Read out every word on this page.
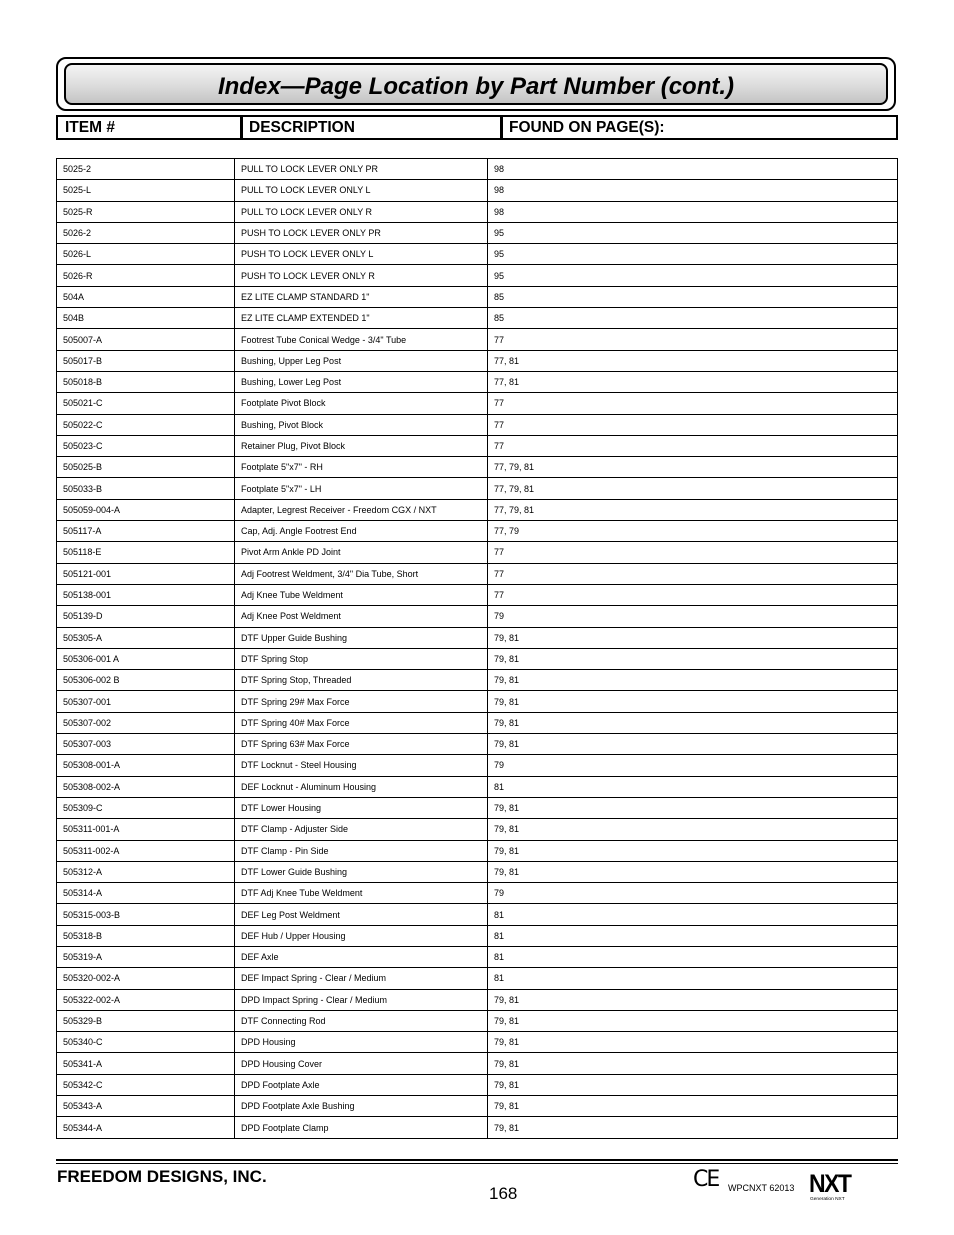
Index—Page Location by Part Number (cont.)
ITEM #	DESCRIPTION	FOUND ON PAGE(S):
5025-2	PULL TO LOCK LEVER ONLY PR	98
5025-L	PULL TO LOCK LEVER ONLY L	98
5025-R	PULL TO LOCK LEVER ONLY R	98
5026-2	PUSH TO LOCK LEVER ONLY PR	95
5026-L	PUSH TO LOCK LEVER ONLY L	95
5026-R	PUSH TO LOCK LEVER ONLY R	95
504A	EZ LITE CLAMP STANDARD 1"	85
504B	EZ LITE CLAMP EXTENDED 1"	85
505007-A	Footrest Tube Conical Wedge - 3/4" Tube	77
505017-B	Bushing, Upper Leg Post	77, 81
505018-B	Bushing, Lower Leg Post	77, 81
505021-C	Footplate Pivot Block	77
505022-C	Bushing, Pivot Block	77
505023-C	Retainer Plug, Pivot Block	77
505025-B	Footplate 5"x7" - RH	77, 79, 81
505033-B	Footplate 5"x7" - LH	77, 79, 81
505059-004-A	Adapter, Legrest Receiver - Freedom CGX / NXT	77, 79, 81
505117-A	Cap, Adj. Angle Footrest End	77, 79
505118-E	Pivot Arm Ankle PD Joint	77
505121-001	Adj Footrest Weldment, 3/4" Dia Tube, Short	77
505138-001	Adj Knee Tube Weldment	77
505139-D	Adj Knee Post Weldment	79
505305-A	DTF Upper Guide Bushing	79, 81
505306-001 A	DTF Spring Stop	79, 81
505306-002 B	DTF Spring Stop, Threaded	79, 81
505307-001	DTF Spring 29# Max Force	79, 81
505307-002	DTF Spring 40# Max Force	79, 81
505307-003	DTF Spring 63# Max Force	79, 81
505308-001-A	DTF Locknut - Steel Housing	79
505308-002-A	DEF Locknut - Aluminum Housing	81
505309-C	DTF Lower Housing	79, 81
505311-001-A	DTF Clamp - Adjuster Side	79, 81
505311-002-A	DTF Clamp - Pin Side	79, 81
505312-A	DTF Lower Guide Bushing	79, 81
505314-A	DTF Adj Knee Tube Weldment	79
505315-003-B	DEF Leg Post Weldment	81
505318-B	DEF Hub / Upper Housing	81
505319-A	DEF Axle	81
505320-002-A	DEF Impact Spring - Clear / Medium	81
505322-002-A	DPD Impact Spring - Clear / Medium	79, 81
505329-B	DTF Connecting Rod	79, 81
505340-C	DPD Housing	79, 81
505341-A	DPD Housing Cover	79, 81
505342-C	DPD Footplate Axle	79, 81
505343-A	DPD Footplate Axle Bushing	79, 81
505344-A	DPD Footplate Clamp	79, 81
FREEDOM DESIGNS, INC.
168
CE WPCNXT 62013 NXT
Generation NXT
